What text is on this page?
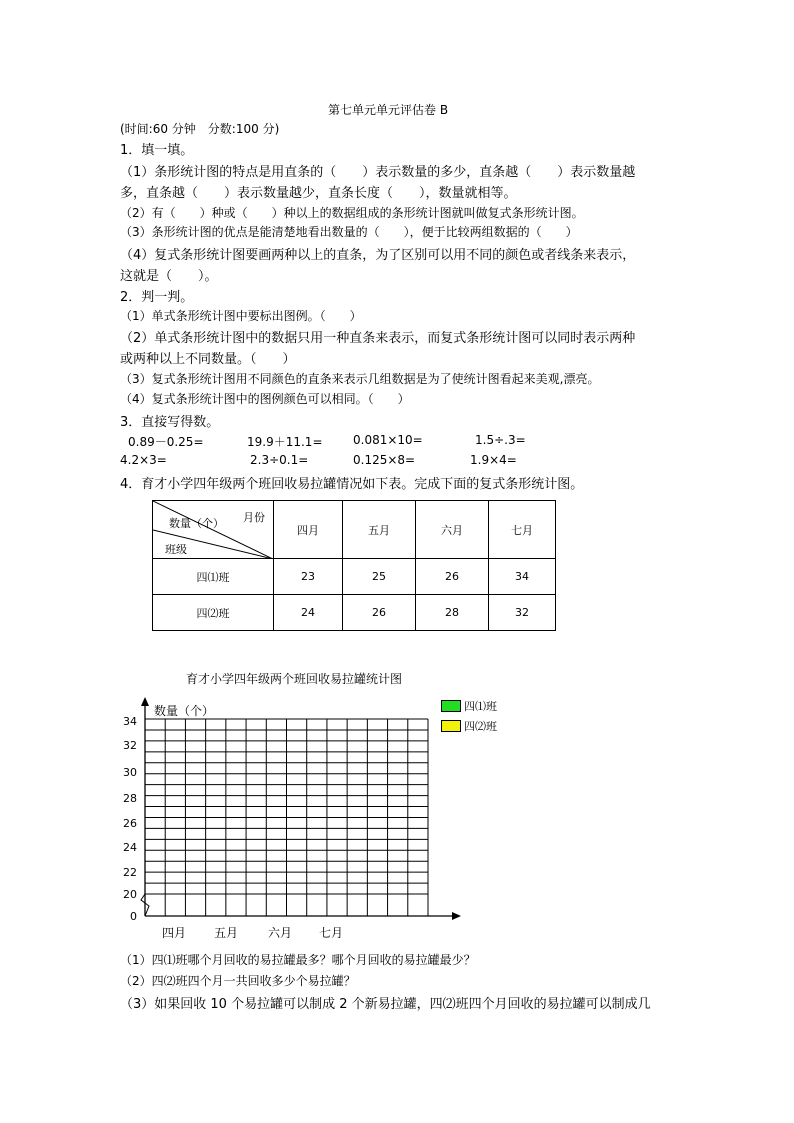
第七单元单元评估卷 B
(时间:60 分钟　分数:100 分)
1．填一填。
（1）条形统计图的特点是用直条的（　　）表示数量的多少，直条越（　　）表示数量越
多，直条越（　　）表示数量越少，直条长度（　　），数量就相等。
（2）有（　　）种或（　　）种以上的数据组成的条形统计图就叫做复式条形统计图。
（3）条形统计图的优点是能清楚地看出数量的（　　），便于比较两组数据的（　　）
（4）复式条形统计图要画两种以上的直条，为了区别可以用不同的颜色或者线条来表示，
这就是（　　）。
2．判一判。
（1）单式条形统计图中要标出图例。（　　）
（2）单式条形统计图中的数据只用一种直条来表示，而复式条形统计图可以同时表示两种
或两种以上不同数量。（　　）
（3）复式条形统计图用不同颜色的直条来表示几组数据是为了使统计图看起来美观,漂亮。
（4）复式条形统计图中的图例颜色可以相同。（　　）
3．直接写得数。
0.89－0.25=	19.9＋11.1=	0.081×10=	1.5÷.3=
4.2×3=	2.3÷0.1=	0.125×8=	1.9×4=
4．育才小学四年级两个班回收易拉罐情况如下表。完成下面的复式条形统计图。
月份
数量（个）
班级	四月	五月	六月	七月
四⑴班	23	25	26	34
四⑵班	24	26	28	32
育才小学四年级两个班回收易拉罐统计图
数量（个）	四⑴班
四⑵班
0
20
22
24
26
28
30
32
34
四月 五月 六月 七月
（1）四⑴班哪个月回收的易拉罐最多？哪个月回收的易拉罐最少？
（2）四⑵班四个月一共回收多少个易拉罐？
（3）如果回收 10 个易拉罐可以制成 2 个新易拉罐，四⑵班四个月回收的易拉罐可以制成几
